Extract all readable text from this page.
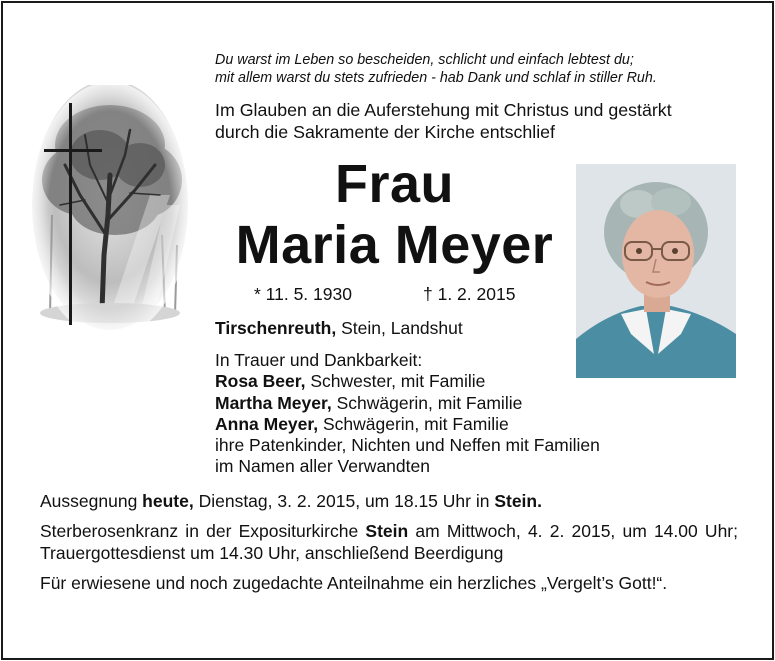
Du warst im Leben so bescheiden, schlicht und einfach lebtest du;
mit allem warst du stets zufrieden - hab Dank und schlaf in stiller Ruh.
Im Glauben an die Auferstehung mit Christus und gestärkt
durch die Sakramente der Kirche entschlief
Frau
Maria Meyer
* 11. 5. 1930	† 1. 2. 2015
Tirschenreuth, Stein, Landshut
In Trauer und Dankbarkeit:
Rosa Beer, Schwester, mit Familie
Martha Meyer, Schwägerin, mit Familie
Anna Meyer, Schwägerin, mit Familie
ihre Patenkinder, Nichten und Neffen mit Familien
im Namen aller Verwandten
Aussegnung heute, Dienstag, 3. 2. 2015, um 18.15 Uhr in Stein.
Sterberosenkranz in der Expositurkirche Stein am Mittwoch, 4. 2. 2015, um 14.00 Uhr; Trauergottesdienst um 14.30 Uhr, anschließend Beerdigung
Für erwiesene und noch zugedachte Anteilnahme ein herzliches „Vergelt’s Gott!“.
